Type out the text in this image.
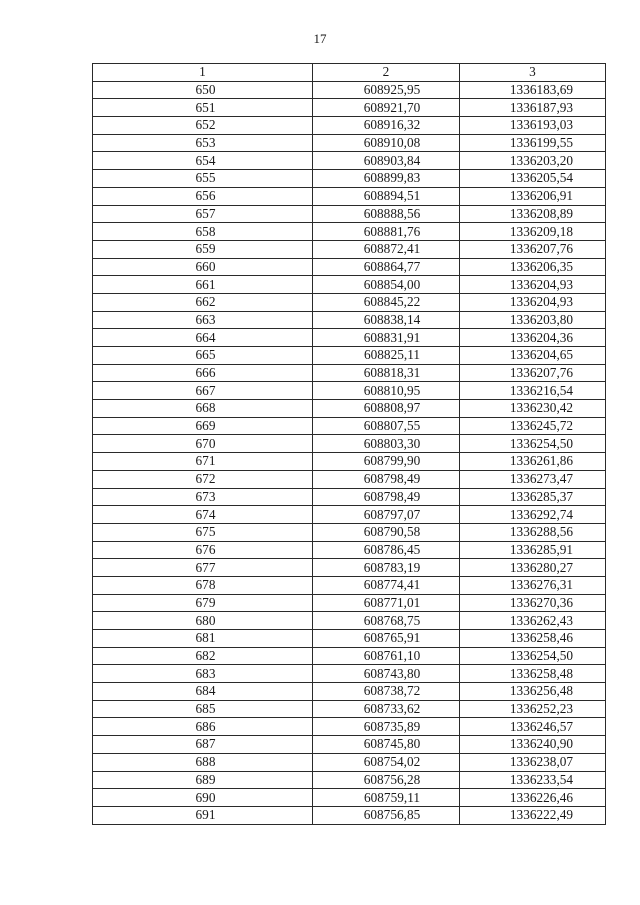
17
1	2	3
650	608925,95	1336183,69
651	608921,70	1336187,93
652	608916,32	1336193,03
653	608910,08	1336199,55
654	608903,84	1336203,20
655	608899,83	1336205,54
656	608894,51	1336206,91
657	608888,56	1336208,89
658	608881,76	1336209,18
659	608872,41	1336207,76
660	608864,77	1336206,35
661	608854,00	1336204,93
662	608845,22	1336204,93
663	608838,14	1336203,80
664	608831,91	1336204,36
665	608825,11	1336204,65
666	608818,31	1336207,76
667	608810,95	1336216,54
668	608808,97	1336230,42
669	608807,55	1336245,72
670	608803,30	1336254,50
671	608799,90	1336261,86
672	608798,49	1336273,47
673	608798,49	1336285,37
674	608797,07	1336292,74
675	608790,58	1336288,56
676	608786,45	1336285,91
677	608783,19	1336280,27
678	608774,41	1336276,31
679	608771,01	1336270,36
680	608768,75	1336262,43
681	608765,91	1336258,46
682	608761,10	1336254,50
683	608743,80	1336258,48
684	608738,72	1336256,48
685	608733,62	1336252,23
686	608735,89	1336246,57
687	608745,80	1336240,90
688	608754,02	1336238,07
689	608756,28	1336233,54
690	608759,11	1336226,46
691	608756,85	1336222,49
